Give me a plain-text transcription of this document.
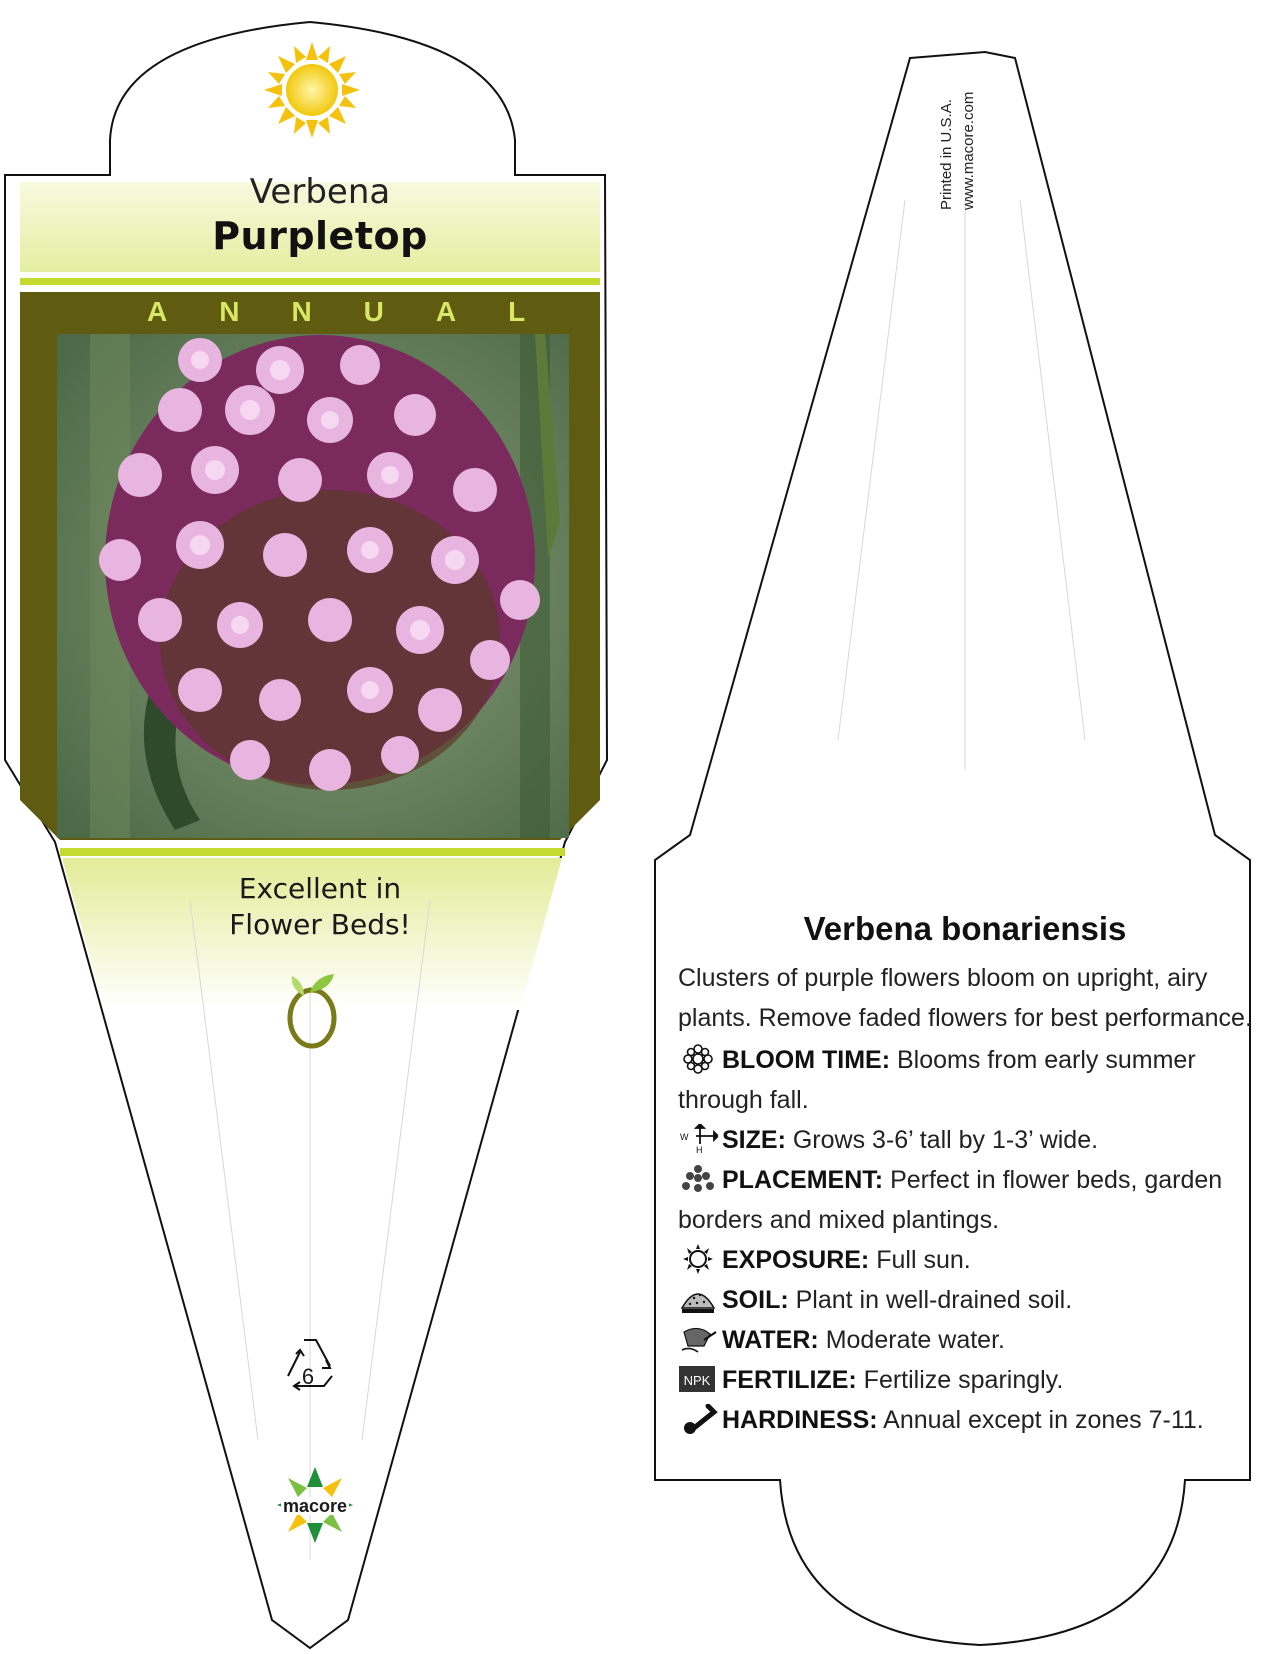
Verbena
Purpletop
ANNUAL
Excellent in
Flower Beds!
6
macore
Printed in U.S.A. www.macore.com
Verbena bonariensis
Clusters of purple flowers bloom on upright, airy plants. Remove faded flowers for best performance.
BLOOM TIME: Blooms from early summer through fall.
W
H SIZE: Grows 3-6’ tall by 1-3’ wide.
PLACEMENT: Perfect in flower beds, garden borders and mixed plantings.
EXPOSURE: Full sun.
SOIL: Plant in well-drained soil.
WATER: Moderate water.
NPK FERTILIZE: Fertilize sparingly.
HARDINESS: Annual except in zones 7-11.
